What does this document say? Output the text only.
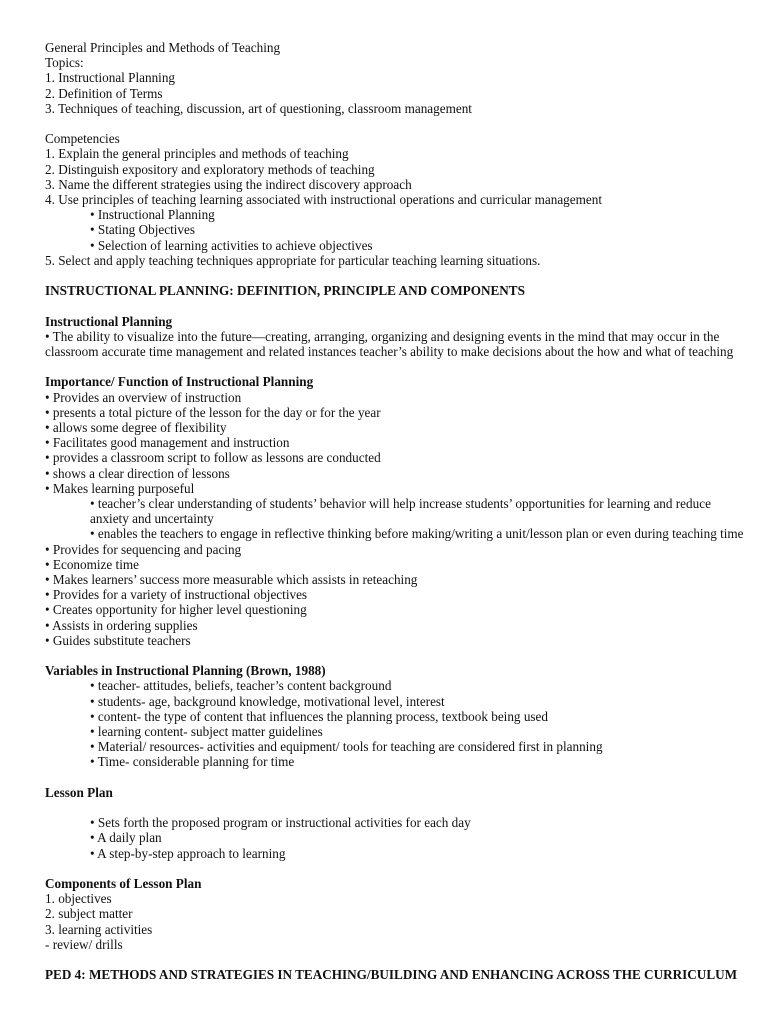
General Principles and Methods of Teaching
Topics:
1. Instructional Planning
2. Definition of Terms
3. Techniques of teaching, discussion, art of questioning, classroom management
Competencies
1. Explain the general principles and methods of teaching
2. Distinguish expository and exploratory methods of teaching
3. Name the different strategies using the indirect discovery approach
4. Use principles of teaching learning associated with instructional operations and curricular management
• Instructional Planning
• Stating Objectives
• Selection of learning activities to achieve objectives
5. Select and apply teaching techniques appropriate for particular teaching learning situations.
INSTRUCTIONAL PLANNING: DEFINITION, PRINCIPLE AND COMPONENTS
Instructional Planning
• The ability to visualize into the future—creating, arranging, organizing and designing events in the mind that may occur in the classroom accurate time management and related instances teacher’s ability to make decisions about the how and what of teaching
Importance/ Function of Instructional Planning
• Provides an overview of instruction
• presents a total picture of the lesson for the day or for the year
• allows some degree of flexibility
• Facilitates good management and instruction
• provides a classroom script to follow as lessons are conducted
• shows a clear direction of lessons
• Makes learning purposeful
• teacher’s clear understanding of students’ behavior will help increase students’ opportunities for learning and reduce anxiety and uncertainty
• enables the teachers to engage in reflective thinking before making/writing a unit/lesson plan or even during teaching time
• Provides for sequencing and pacing
• Economize time
• Makes learners’ success more measurable which assists in reteaching
• Provides for a variety of instructional objectives
• Creates opportunity for higher level questioning
• Assists in ordering supplies
• Guides substitute teachers
Variables in Instructional Planning (Brown, 1988)
• teacher- attitudes, beliefs, teacher’s content background
• students- age, background knowledge, motivational level, interest
• content- the type of content that influences the planning process, textbook being used
• learning content- subject matter guidelines
• Material/ resources- activities and equipment/ tools for teaching are considered first in planning
• Time- considerable planning for time
Lesson Plan
• Sets forth the proposed program or instructional activities for each day
• A daily plan
• A step-by-step approach to learning
Components of Lesson Plan
1. objectives
2. subject matter
3. learning activities
- review/ drills
PED 4: METHODS AND STRATEGIES IN TEACHING/BUILDING AND ENHANCING ACROSS THE CURRICULUM
